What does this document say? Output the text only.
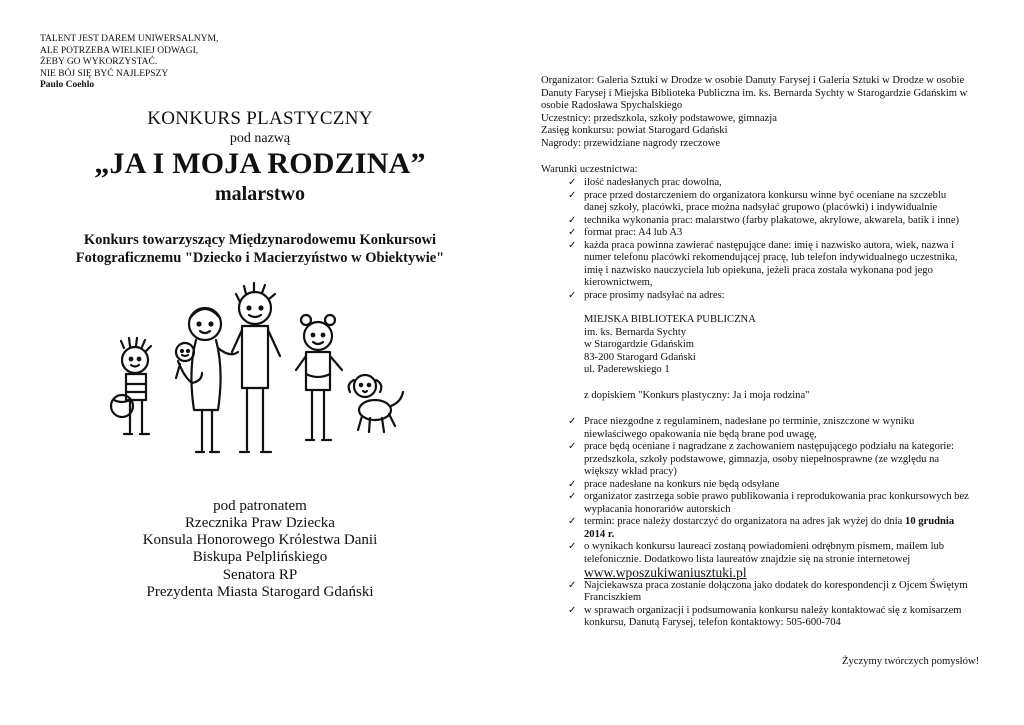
TALENT JEST DAREM UNIWERSALNYM,
ALE POTRZEBA WIELKIEJ ODWAGI,
ŻEBY GO WYKORZYSTAĆ.
NIE BÓJ SIĘ BYĆ NAJLEPSZY
Paulo Coehlo
KONKURS PLASTYCZNY
pod nazwą
„JA I MOJA RODZINA”
malarstwo
Konkurs towarzyszący Międzynarodowemu Konkursowi
Fotograficznemu "Dziecko i Macierzyństwo w Obiektywie"
pod patronatem
Rzecznika Praw Dziecka
Konsula Honorowego Królestwa Danii
Biskupa Pelplińskiego
Senatora RP
Prezydenta Miasta Starogard Gdański
Organizator: Galeria Sztuki w Drodze w osobie Danuty Farysej i Galeria Sztuki w Drodze w osobie
Danuty Farysej i Miejska Biblioteka Publiczna im. ks. Bernarda Sychty w Starogardzie Gdańskim w
osobie Radosława Spychalskiego
Uczestnicy: przedszkola, szkoły podstawowe, gimnazja
Zasięg konkursu: powiat Starogard Gdański
Nagrody: przewidziane nagrody rzeczowe
Warunki uczestnictwa:
✓ ilość nadesłanych prac dowolna,
✓ prace przed dostarczeniem do organizatora konkursu winne być oceniane na szczeblu
danej szkoły, placówki, prace można nadsyłać grupowo (placówki) i indywidualnie
✓ technika wykonania prac: malarstwo (farby plakatowe, akrylowe, akwarela, batik i inne)
✓ format prac: A4 lub A3
✓ każda praca powinna zawierać następujące dane: imię i nazwisko autora, wiek, nazwa i
numer telefonu placówki rekomendującej pracę, lub telefon indywidualnego uczestnika,
imię i nazwisko nauczyciela lub opiekuna, jeżeli praca została wykonana pod jego
kierownictwem,
✓ prace prosimy nadsyłać na adres:
MIEJSKA BIBLIOTEKA PUBLICZNA
im. ks. Bernarda Sychty
w Starogardzie Gdańskim
83-200 Starogard Gdański
ul. Paderewskiego 1
z dopiskiem "Konkurs plastyczny: Ja i moja rodzina"
✓ Prace niezgodne z regulaminem, nadesłane po terminie, zniszczone w wyniku
niewłaściwego opakowania nie będą brane pod uwagę,
✓ prace będą oceniane i nagradzane z zachowaniem następującego podziału na kategorie:
przedszkola, szkoły podstawowe, gimnazja, osoby niepełnosprawne (ze względu na
większy wkład pracy)
✓ prace nadesłane na konkurs nie będą odsyłane
✓ organizator zastrzega sobie prawo publikowania i reprodukowania prac konkursowych bez
wypłacania honorariów autorskich
✓ termin: prace należy dostarczyć do organizatora na adres jak wyżej do dnia 10 grudnia
2014 r.
✓ o wynikach konkursu laureaci zostaną powiadomieni odrębnym pismem, mailem lub
telefonicznie. Dodatkowo lista laureatów znajdzie się na stronie internetowej
www.wposzukiwaniusztuki.pl
✓ Najciekawsza praca zostanie dołączona jako dodatek do korespondencji z Ojcem Świętym
Franciszkiem
✓ w sprawach organizacji i podsumowania konkursu należy kontaktować się z komisarzem
konkursu, Danutą Farysej, telefon kontaktowy: 505-600-704
Życzymy twórczych pomysłów!
